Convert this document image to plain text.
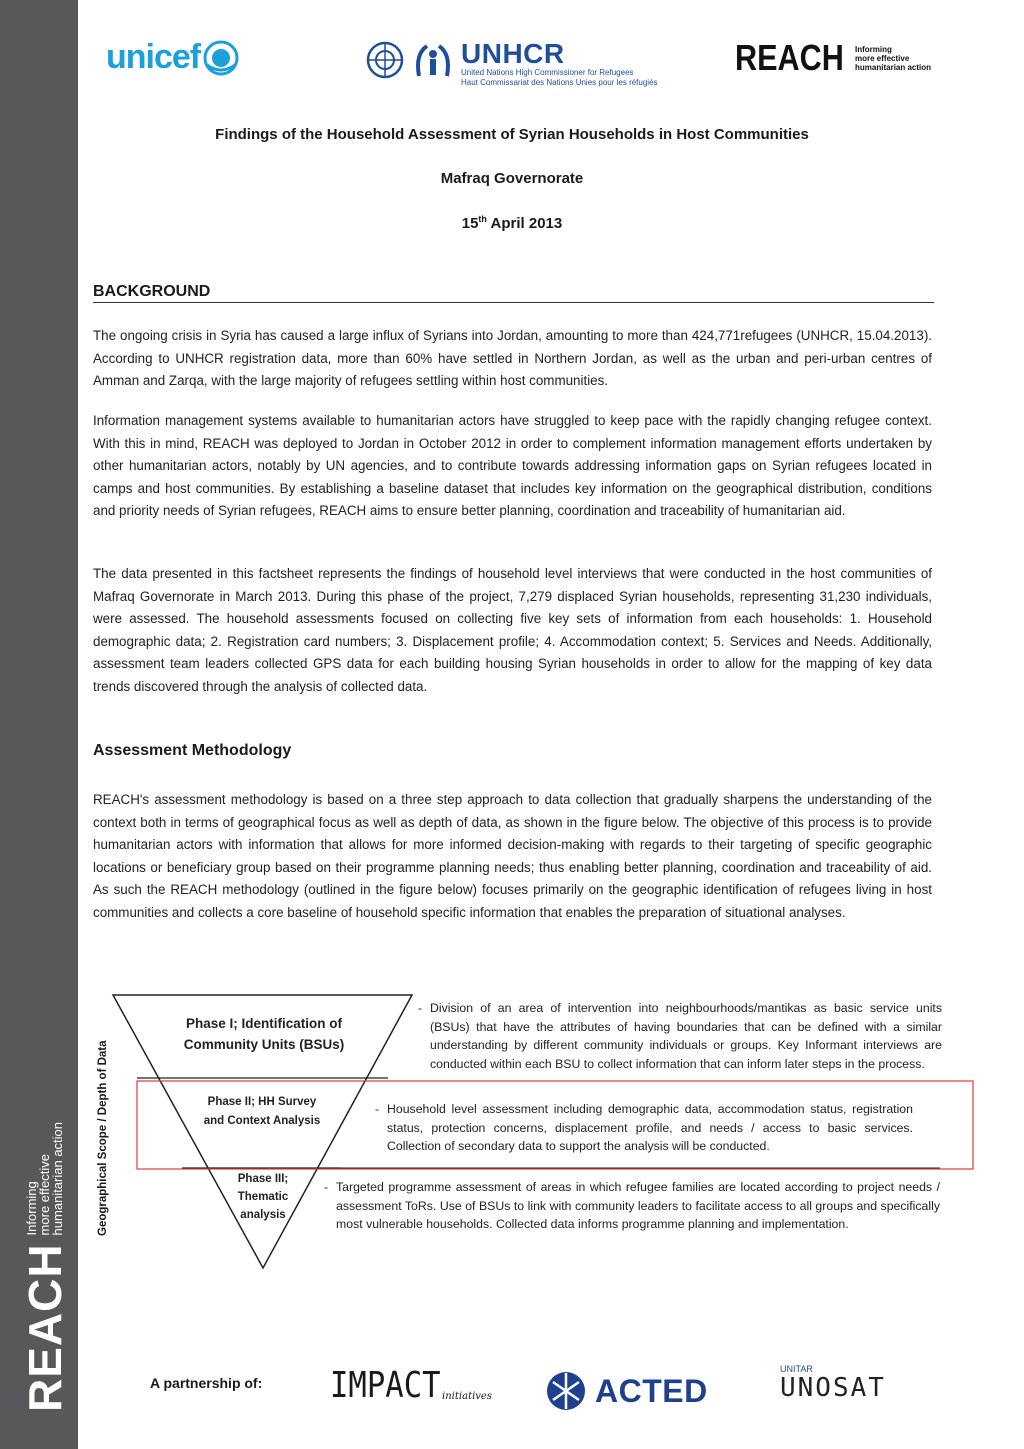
REACH
Informing
more effective
humanitarian action
unicef	UNHCR
United Nations High Commissioner for Refugees
Haut Commissariat des Nations Unies pour les réfugiés
REACH Informing
more effective
humanitarian action
Findings of the Household Assessment of Syrian Households in Host Communities
Mafraq Governorate
15th April 2013
BACKGROUND
The ongoing crisis in Syria has caused a large influx of Syrians into Jordan, amounting to more than 424,771refugees (UNHCR, 15.04.2013). According to UNHCR registration data, more than 60% have settled in Northern Jordan, as well as the urban and peri-urban centres of Amman and Zarqa, with the large majority of refugees settling within host communities.
Information management systems available to humanitarian actors have struggled to keep pace with the rapidly changing refugee context. With this in mind, REACH was deployed to Jordan in October 2012 in order to complement information management efforts undertaken by other humanitarian actors, notably by UN agencies, and to contribute towards addressing information gaps on Syrian refugees located in camps and host communities. By establishing a baseline dataset that includes key information on the geographical distribution, conditions and priority needs of Syrian refugees, REACH aims to ensure better planning, coordination and traceability of humanitarian aid.
The data presented in this factsheet represents the findings of household level interviews that were conducted in the host communities of Mafraq Governorate in March 2013. During this phase of the project, 7,279 displaced Syrian households, representing 31,230 individuals, were assessed. The household assessments focused on collecting five key sets of information from each households: 1. Household demographic data; 2. Registration card numbers; 3. Displacement profile; 4. Accommodation context; 5. Services and Needs. Additionally, assessment team leaders collected GPS data for each building housing Syrian households in order to allow for the mapping of key data trends discovered through the analysis of collected data.
Assessment Methodology
REACH's assessment methodology is based on a three step approach to data collection that gradually sharpens the understanding of the context both in terms of geographical focus as well as depth of data, as shown in the figure below. The objective of this process is to provide humanitarian actors with information that allows for more informed decision-making with regards to their targeting of specific geographic locations or beneficiary group based on their programme planning needs; thus enabling better planning, coordination and traceability of aid. As such the REACH methodology (outlined in the figure below) focuses primarily on the geographic identification of refugees living in host communities and collects a core baseline of household specific information that enables the preparation of situational analyses.
Geographical Scope / Depth of Data
Phase I; Identification of Community Units (BSUs)
Phase II; HH Survey and Context Analysis
Phase III; Thematic analysis
- Division of an area of intervention into neighbourhoods/mantikas as basic service units (BSUs) that have the attributes of having boundaries that can be defined with a similar understanding by different community individuals or groups. Key Informant interviews are conducted within each BSU to collect information that can inform later steps in the process.
- Household level assessment including demographic data, accommodation status, registration status, protection concerns, displacement profile, and needs / access to basic services. Collection of secondary data to support the analysis will be conducted.
- Targeted programme assessment of areas in which refugee families are located according to project needs / assessment ToRs. Use of BSUs to link with community leaders to facilitate access to all groups and specifically most vulnerable households. Collected data informs programme planning and implementation.
A partnership of: IMPACT initiatives	ACTED
UNITAR
UNOSAT
